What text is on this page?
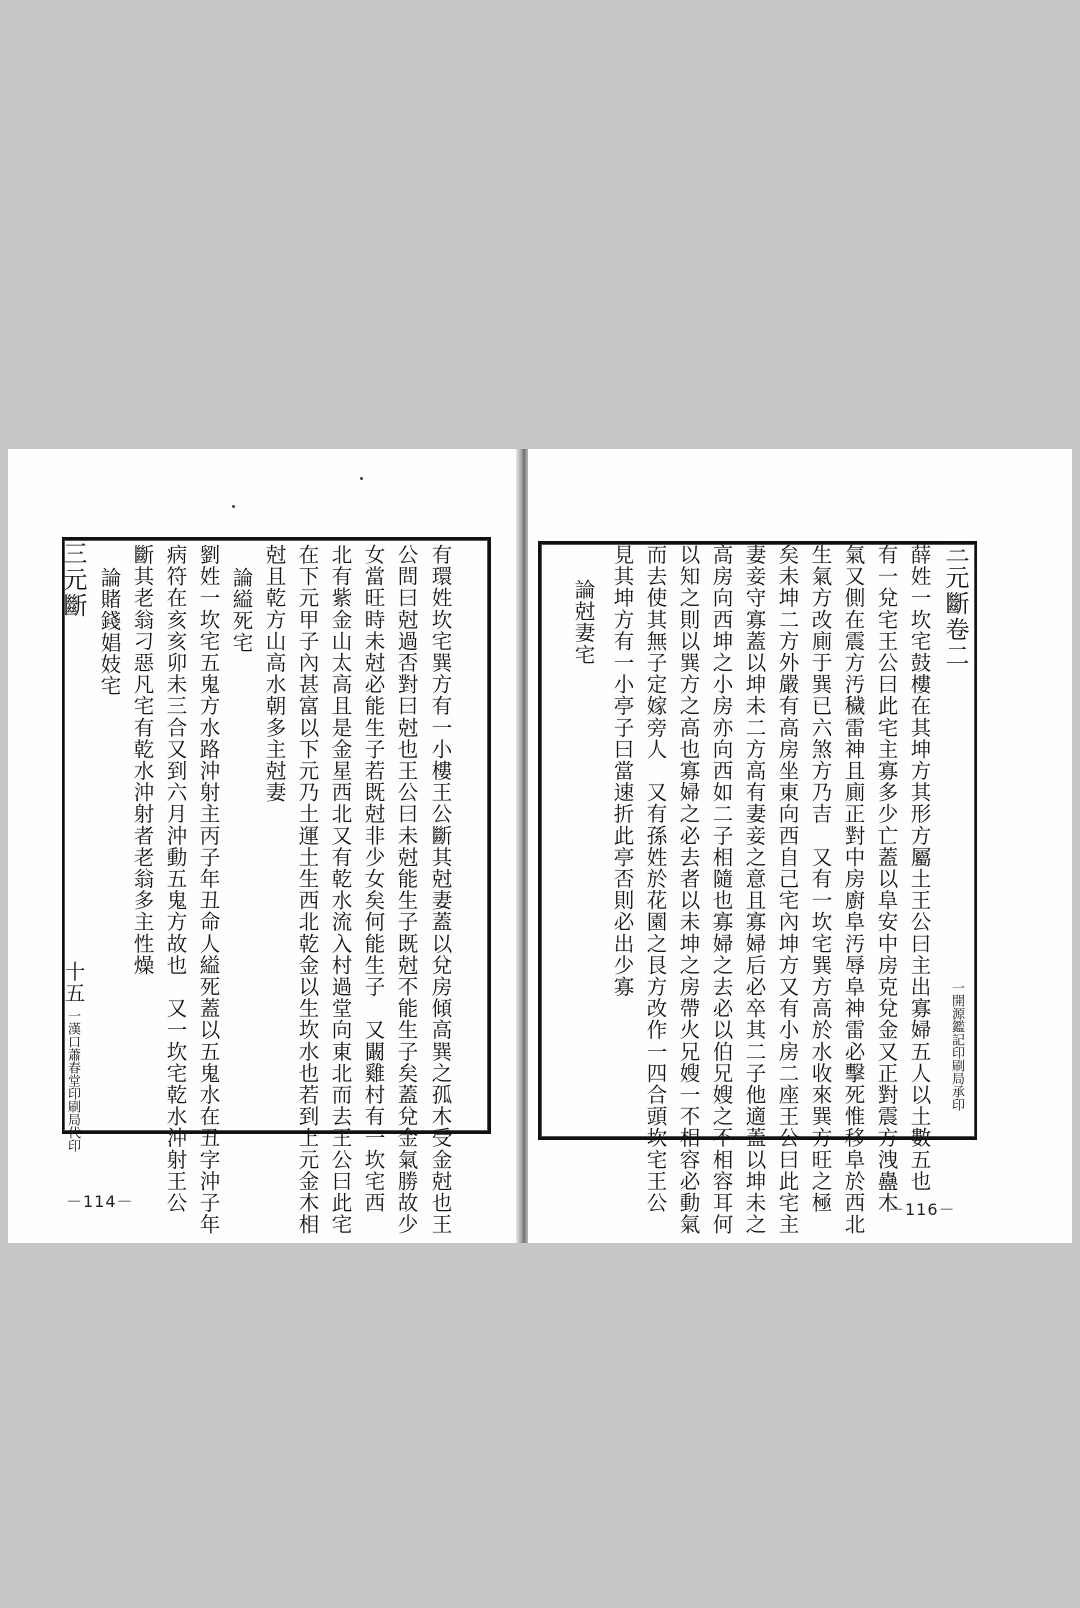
有環姓坎宅巽方有一小樓王公斷其尅妻蓋以兌房傾高巽之孤木受金尅也王
公問曰尅過否對曰尅也王公曰未尅能生子既尅不能生子矣蓋兌金氣勝故少
女當旺時未尅必能生子若既尅非少女矣何能生子　又闞雞村有一坎宅西
北有紫金山太高且是金星西北又有乾水流入村過堂向東北而去王公曰此宅
在下元甲子內甚富以下元乃土運土生西北乾金以生坎水也若到上元金木相
尅且乾方山高水朝多主尅妻
論縊死宅
劉姓一坎宅五鬼方水路沖射主丙子年丑命人縊死蓋以五鬼水在丑字沖子年
病符在亥亥卯未三合又到六月沖動五鬼方故也　又一坎宅乾水沖射王公
斷其老翁刁惡凡宅有乾水沖射者老翁多主性燥
論賭錢娼妓宅
三元斷
十五
一漢口蕭春堂印刷局代印
－114－
三元斷卷二
一開源鑑記印刷局承印
薛姓一坎宅鼓樓在其坤方其形方屬土王公曰主出寡婦五人以土數五也
有一兌宅王公曰此宅主寡多少亡蓋以阜安中房克兌金又正對震方洩蠱木
氣又側在震方汚穢雷神且廁正對中房廚阜汚辱阜神雷必擊死惟移阜於西北
生氣方改廁于巽已六煞方乃吉　又有一坎宅巽方高於水收來巽方旺之極
矣未坤二方外嚴有高房坐東向西自己宅內坤方又有小房二座王公曰此宅主
妻妾守寡蓋以坤未二方高有妻妾之意且寡婦后必卒其二子他適蓋以坤未之
高房向西坤之小房亦向西如二子相隨也寡婦之去必以伯兄嫂之不相容耳何
以知之則以巽方之高也寡婦之必去者以未坤之房帶火兄嫂一不相容必動氣
而去使其無子定嫁旁人　又有孫姓於花園之艮方改作一四合頭坎宅王公
見其坤方有一小亭子曰當速折此亭否則必出少寡
論尅妻宅
－116－
